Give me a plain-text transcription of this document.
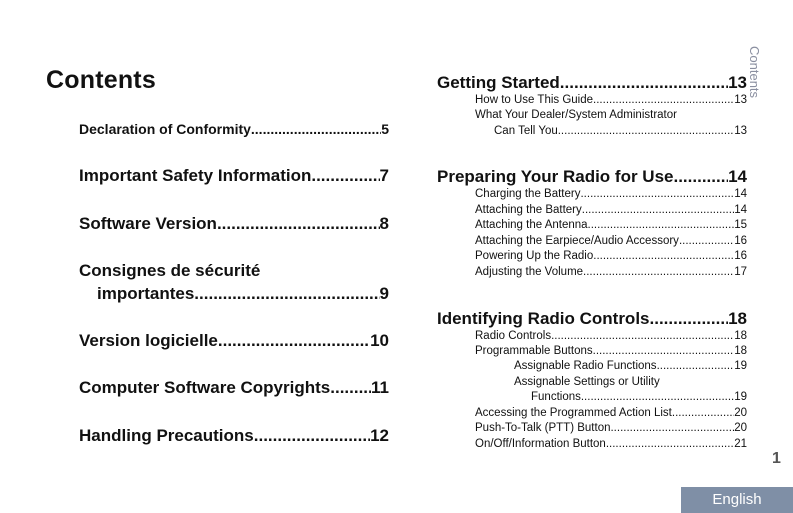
Contents	Contents
Declaration of Conformity .....	5
Important Safety Information .....	7
Software Version .....	8
Consignes de sécurité
importantes .....	9
Version logicielle .....	10
Computer Software Copyrights ..... 11
Handling Precautions .....	12
Getting Started .....	13
How to Use This Guide .....	13
What Your Dealer/System Administrator
Can Tell You .....	13
Preparing Your Radio for Use .....	14
Charging the Battery .....	14
Attaching the Battery .....	14
Attaching the Antenna .....	15
Attaching the Earpiece/Audio Accessory .....	16
Powering Up the Radio .....	16
Adjusting the Volume .....	17
Identifying Radio Controls .....	18
Radio Controls .....	18
Programmable Buttons .....	18
Assignable Radio Functions .....	19
Assignable Settings or Utility
Functions .....	19
Accessing the Programmed Action List .....	20
Push-To-Talk (PTT) Button .....	20
On/Off/Information Button .....	21
1
English
